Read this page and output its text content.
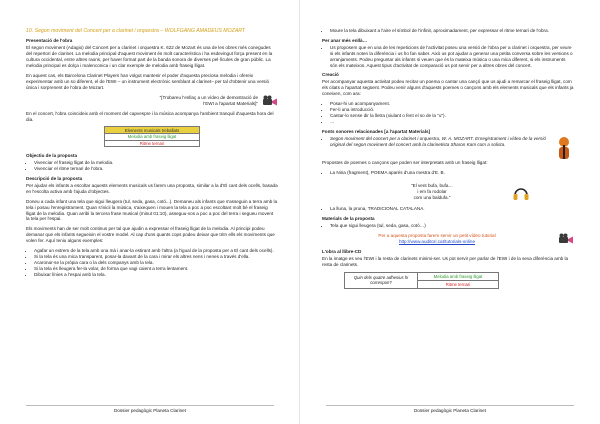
10. Segon moviment del Concert per a clarinet i orquestra – WOLFGANG AMADEUS MOZART
Presentació de l'obra

El segon moviment (Adagio) del Concert per a clarinet i orquestra K. 622 de Mozart és una de les obres més conegudes del repertori de clarinet. La melodia principal d'aquest moviment és molt característica i ha esdevingut força present en la cultura occidental, entre altres raons, per haver format part de la banda sonora de diverses pel·lícules de gran públic. La melodia principal es dolça i malenconica i un clar exemple de melodia amb fraseig lligat.

En aquest cas, els Barcelona Clarinet Players han volgut mantenir el poder d'aquesta preciosa melodia i ofereix experimentar amb un so diferent, el de l'EWI – un instrument electrònic semblant al clarinet– per tal d'obtenir una versió única i sorprenent de l'obra de Mozart.

"[Trobareu l'enllaç a un vídeo de demostració de l'EWI a l'apartat Materials]"

En el concert, l'obra coincideix amb el moment del capvespre i la música acompanya l'ambient tranquil d'aquesta hora del dia.

Elements musicals treballats
Melodia amb fraseig lligat
Ritme ternari
Objectiu de la proposta
• Vivenciar el fraseig lligat de la melodia.
• Vivenciar el ritme ternari de l'obra.
Descripció de la proposta

Per ajudar els infants a escoltar aquests elements musicals us farem una proposta, similar a la d'El cant dels ocells, basada en l'escolta activa amb l'ajuda d'objectes.

Doneu a cada infant una tela que sigui lleugera (tul, seda, gasa, cotó...). Demaneu als infants que s'asseguin a terra amb la tela i posau l'enregistrament. Quan s'inicii la música, s'aixequen i mouen la tela a poc a poc escoltant molt bé el fraseig lligat de la melodia. Quan arribi la tercera frase musical (minut 01:10), asseguu-vos a poc a poc del terra i segueu movent la tela per l'espai.

Els moviments han de ser molt continus per tal que ajudin a expressar el fraseig lligat de la melodia. Al principi podeu demanar que els infants segueixin el vostre model. Al cap d'uns quants cops podeu deixar que triïn ells els moviments que volen fer. Aquí teniu alguns exemples:

• Agafar un extrem de la tela amb una mà i anar-la estirant amb l'altra (a l'igual de la proposta per a El cant dels ocells).
• Si la tela és una mica transparent, posar-la davant de la cara i mirar els altres nens i nenes a través d'ella.
• Acaronar-se la pròpia cara o la dels companys amb la tela.
• Si la tela és lleugera fer-la volar, de forma que vagi caient a terra lentament.
• Dibuixar línies a l'espai amb la tela.
Dossier pedagògic Planeta Clarinet
• Moure la tela dibuixant a l'aire el símbol de l'infinit, aproximadament, per expressar el ritme ternari de l'obra.
Per anar més enllà…
• Us proposem que en una de les repeticions de l'activitat poseu una versió de l'obra per a clarinet i orquestra, per veure si els infants noten la diferència i us ho fan saber. Això us pot ajudar a generar una petita conversa sobre les versions o arranjaments. Podeu preguntar als infants si veuen que és la mateixa música o una mica diferent, si els instruments són els mateixos. Aquest tipus d'activitat de comparació us pot servir per a altres obres del concert.
Creació

Per acompanyar aquesta activitat podeu recitar un poema o cantar una cançó que us ajudi a remarcar el fraseig lligat, com els citats a l'apartat següent. Podeu venir alguns d'aquests poemes o cançons amb els elements musicals que els infants ja coneixen, com ara:

• Posar-hi un acompanyament.
• Fer-li una introducció.
• Cantar-lo sense dir la lletra (xiulant o fent el so de la "u").
• …
Fonts sonores relacionades [a l'apartat Materials]
• Segon moviment del concert per a clarinet i orquestra, W. A. MOZART. Enregistrament i vídeo de la versió original del segon moviment del concert amb la clarinetista Sharon Kam com a solista.

Propostes de poemes o cançons que poden ser interpretats amb un fraseig lligat:

• La Nina (fragment), POEMA aparés d'una mestra d'E. B.
"El vent bufa, bufa…
i em fa rodolar
com una baldufa."
• La lluna, la pruna, TRADICIONAL CATALANA.
Materials de la proposta
• Tela que sigui lleugera (tul, seda, gasa, cotó…)
Per a aquesta proposta farem servir un petit vídeo tutorial
http://www.auditori.cat/tutorials-online
L'obra al llibre-CD

En la imatge es veu l'EWI i la resta de clarinets minimi-ser. Us pot servir per parlar de l'EWI i de la seva diferència amb la resta de clarinets.

Quin dels quatre adhesius hi correspon?	Melodia amb fraseig lligat
Ritme ternari
Dossier pedagògic Planeta Clarinet
